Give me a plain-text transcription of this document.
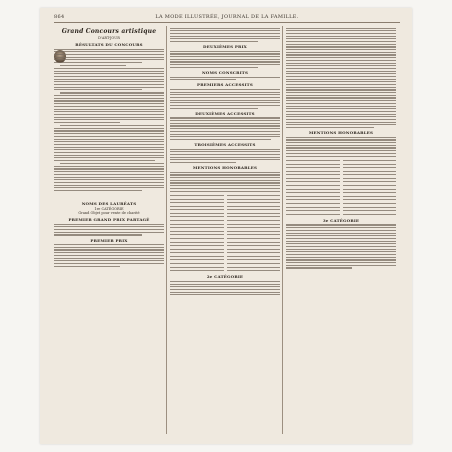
864	LA MODE ILLUSTRÉE, JOURNAL DE LA FAMILLE.
Grand Concours artistique
D'ART-JOUR
RÉSULTATS DU CONCOURS
NOMS DES LAURÉATS
1re CATÉGORIE
Grand Objet pour vente de charité
PREMIER GRAND PRIX PARTAGÉ
PREMIER PRIX
DEUXIÈMES PRIX
NOMS CONSCRITS
PREMIERS ACCESSITS
DEUXIÈMES ACCESSITS
TROISIÈMES ACCESSITS
MENTIONS HONORABLES
2e CATÉGORIE
MENTIONS HONORABLES
3e CATÉGORIE
